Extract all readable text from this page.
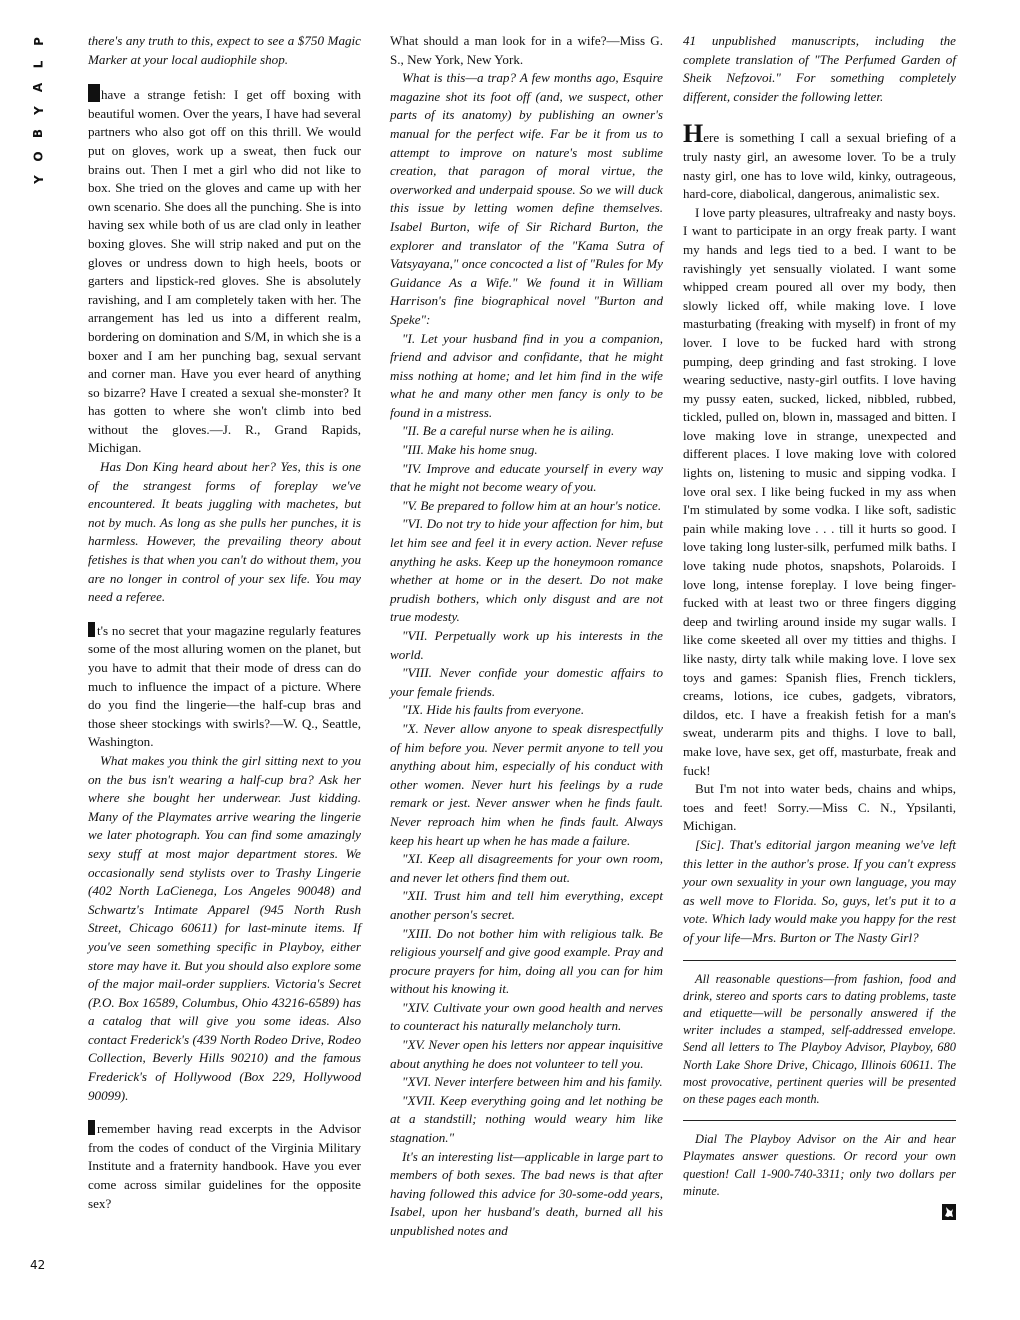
P
L
A
Y
B
O
Y
42

there's any truth to this, expect to see a $750 Magic Marker at your local audiophile shop.

have a strange fetish: I get off boxing with beautiful women. Over the years, I have had several partners who also got off on this thrill. We would put on gloves, work up a sweat, then fuck our brains out. Then I met a girl who did not like to box. She tried on the gloves and came up with her own scenario. She does all the punching. She is into having sex while both of us are clad only in leather boxing gloves. She will strip naked and put on the gloves or undress down to high heels, boots or garters and lipstick-red gloves. She is absolutely ravishing, and I am completely taken with her. The arrangement has led us into a different realm, bordering on domination and S/M, in which she is a boxer and I am her punching bag, sexual servant and corner man. Have you ever heard of anything so bizarre? Have I created a sexual she-monster? It has gotten to where she won't climb into bed without the gloves.—J. R., Grand Rapids, Michigan.

Has Don King heard about her? Yes, this is one of the strangest forms of foreplay we've encountered. It beats juggling with machetes, but not by much. As long as she pulls her punches, it is harmless. However, the prevailing theory about fetishes is that when you can't do without them, you are no longer in control of your sex life. You may need a referee.

t's no secret that your magazine regularly features some of the most alluring women on the planet, but you have to admit that their mode of dress can do much to influence the impact of a picture. Where do you find the lingerie—the half-cup bras and those sheer stockings with swirls?—W. Q., Seattle, Washington.

What makes you think the girl sitting next to you on the bus isn't wearing a half-cup bra? Ask her where she bought her underwear. Just kidding. Many of the Playmates arrive wearing the lingerie we later photograph. You can find some amazingly sexy stuff at most major department stores. We occasionally send stylists over to Trashy Lingerie (402 North LaCienega, Los Angeles 90048) and Schwartz's Intimate Apparel (945 North Rush Street, Chicago 60611) for last-minute items. If you've seen something specific in Playboy, either store may have it. But you should also explore some of the major mail-order suppliers. Victoria's Secret (P.O. Box 16589, Columbus, Ohio 43216-6589) has a catalog that will give you some ideas. Also contact Frederick's (439 North Rodeo Drive, Rodeo Collection, Beverly Hills 90210) and the famous Frederick's of Hollywood (Box 229, Hollywood 90099).

remember having read excerpts in the Advisor from the codes of conduct of the Virginia Military Institute and a fraternity handbook. Have you ever come across similar guidelines for the opposite sex?

What should a man look for in a wife?—Miss G. S., New York, New York.

What is this—a trap? A few months ago, Esquire magazine shot its foot off (and, we suspect, other parts of its anatomy) by publishing an owner's manual for the perfect wife. Far be it from us to attempt to improve on nature's most sublime creation, that paragon of moral virtue, the overworked and underpaid spouse. So we will duck this issue by letting women define themselves. Isabel Burton, wife of Sir Richard Burton, the explorer and translator of the "Kama Sutra of Vatsyayana," once concocted a list of "Rules for My Guidance As a Wife." We found it in William Harrison's fine biographical novel "Burton and Speke":

"I. Let your husband find in you a companion, friend and advisor and confidante, that he might miss nothing at home; and let him find in the wife what he and many other men fancy is only to be found in a mistress.

"II. Be a careful nurse when he is ailing.

"III. Make his home snug.

"IV. Improve and educate yourself in every way that he might not become weary of you.

"V. Be prepared to follow him at an hour's notice.

"VI. Do not try to hide your affection for him, but let him see and feel it in every action. Never refuse anything he asks. Keep up the honeymoon romance whether at home or in the desert. Do not make prudish bothers, which only disgust and are not true modesty.

"VII. Perpetually work up his interests in the world.

"VIII. Never confide your domestic affairs to your female friends.

"IX. Hide his faults from everyone.

"X. Never allow anyone to speak disrespectfully of him before you. Never permit anyone to tell you anything about him, especially of his conduct with other women. Never hurt his feelings by a rude remark or jest. Never answer when he finds fault. Never reproach him when he finds fault. Always keep his heart up when he has made a failure.

"XI. Keep all disagreements for your own room, and never let others find them out.

"XII. Trust him and tell him everything, except another person's secret.

"XIII. Do not bother him with religious talk. Be religious yourself and give good example. Pray and procure prayers for him, doing all you can for him without his knowing it.

"XIV. Cultivate your own good health and nerves to counteract his naturally melancholy turn.

"XV. Never open his letters nor appear inquisitive about anything he does not volunteer to tell you.

"XVI. Never interfere between him and his family.

"XVII. Keep everything going and let nothing be at a standstill; nothing would weary him like stagnation."

It's an interesting list—applicable in large part to members of both sexes. The bad news is that after having followed this advice for 30-some-odd years, Isabel, upon her husband's death, burned all his unpublished notes and

41 unpublished manuscripts, including the complete translation of "The Perfumed Garden of Sheik Nefzovoi." For something completely different, consider the following letter.

Here is something I call a sexual briefing of a truly nasty girl, an awesome lover. To be a truly nasty girl, one has to love wild, kinky, outrageous, hard-core, diabolical, dangerous, animalistic sex.

I love party pleasures, ultrafreaky and nasty boys. I want to participate in an orgy freak party. I want my hands and legs tied to a bed. I want to be ravishingly yet sensually violated. I want some whipped cream poured all over my body, then slowly licked off, while making love. I love masturbating (freaking with myself) in front of my lover. I love to be fucked hard with strong pumping, deep grinding and fast stroking. I love wearing seductive, nasty-girl outfits. I love having my pussy eaten, sucked, licked, nibbled, rubbed, tickled, pulled on, blown in, massaged and bitten. I love making love in strange, unexpected and different places. I love making love with colored lights on, listening to music and sipping vodka. I love oral sex. I like being fucked in my ass when I'm stimulated by some vodka. I like soft, sadistic pain while making love . . . till it hurts so good. I love taking long luster-silk, perfumed milk baths. I love taking nude photos, snapshots, Polaroids. I love long, intense foreplay. I love being finger-fucked with at least two or three fingers digging deep and twirling around inside my sugar walls. I like come skeeted all over my titties and thighs. I like nasty, dirty talk while making love. I love sex toys and games: Spanish flies, French ticklers, creams, lotions, ice cubes, gadgets, vibrators, dildos, etc. I have a freakish fetish for a man's sweat, underarm pits and thighs. I love to ball, make love, have sex, get off, masturbate, freak and fuck!

But I'm not into water beds, chains and whips, toes and feet! Sorry.—Miss C. N., Ypsilanti, Michigan.

[Sic]. That's editorial jargon meaning we've left this letter in the author's prose. If you can't express your own sexuality in your own language, you may as well move to Florida. So, guys, let's put it to a vote. Which lady would make you happy for the rest of your life—Mrs. Burton or The Nasty Girl?

All reasonable questions—from fashion, food and drink, stereo and sports cars to dating problems, taste and etiquette—will be personally answered if the writer includes a stamped, self-addressed envelope. Send all letters to The Playboy Advisor, Playboy, 680 North Lake Shore Drive, Chicago, Illinois 60611. The most provocative, pertinent queries will be presented on these pages each month.

Dial The Playboy Advisor on the Air and hear Playmates answer questions. Or record your own question! Call 1-900-740-3311; only two dollars per minute.
